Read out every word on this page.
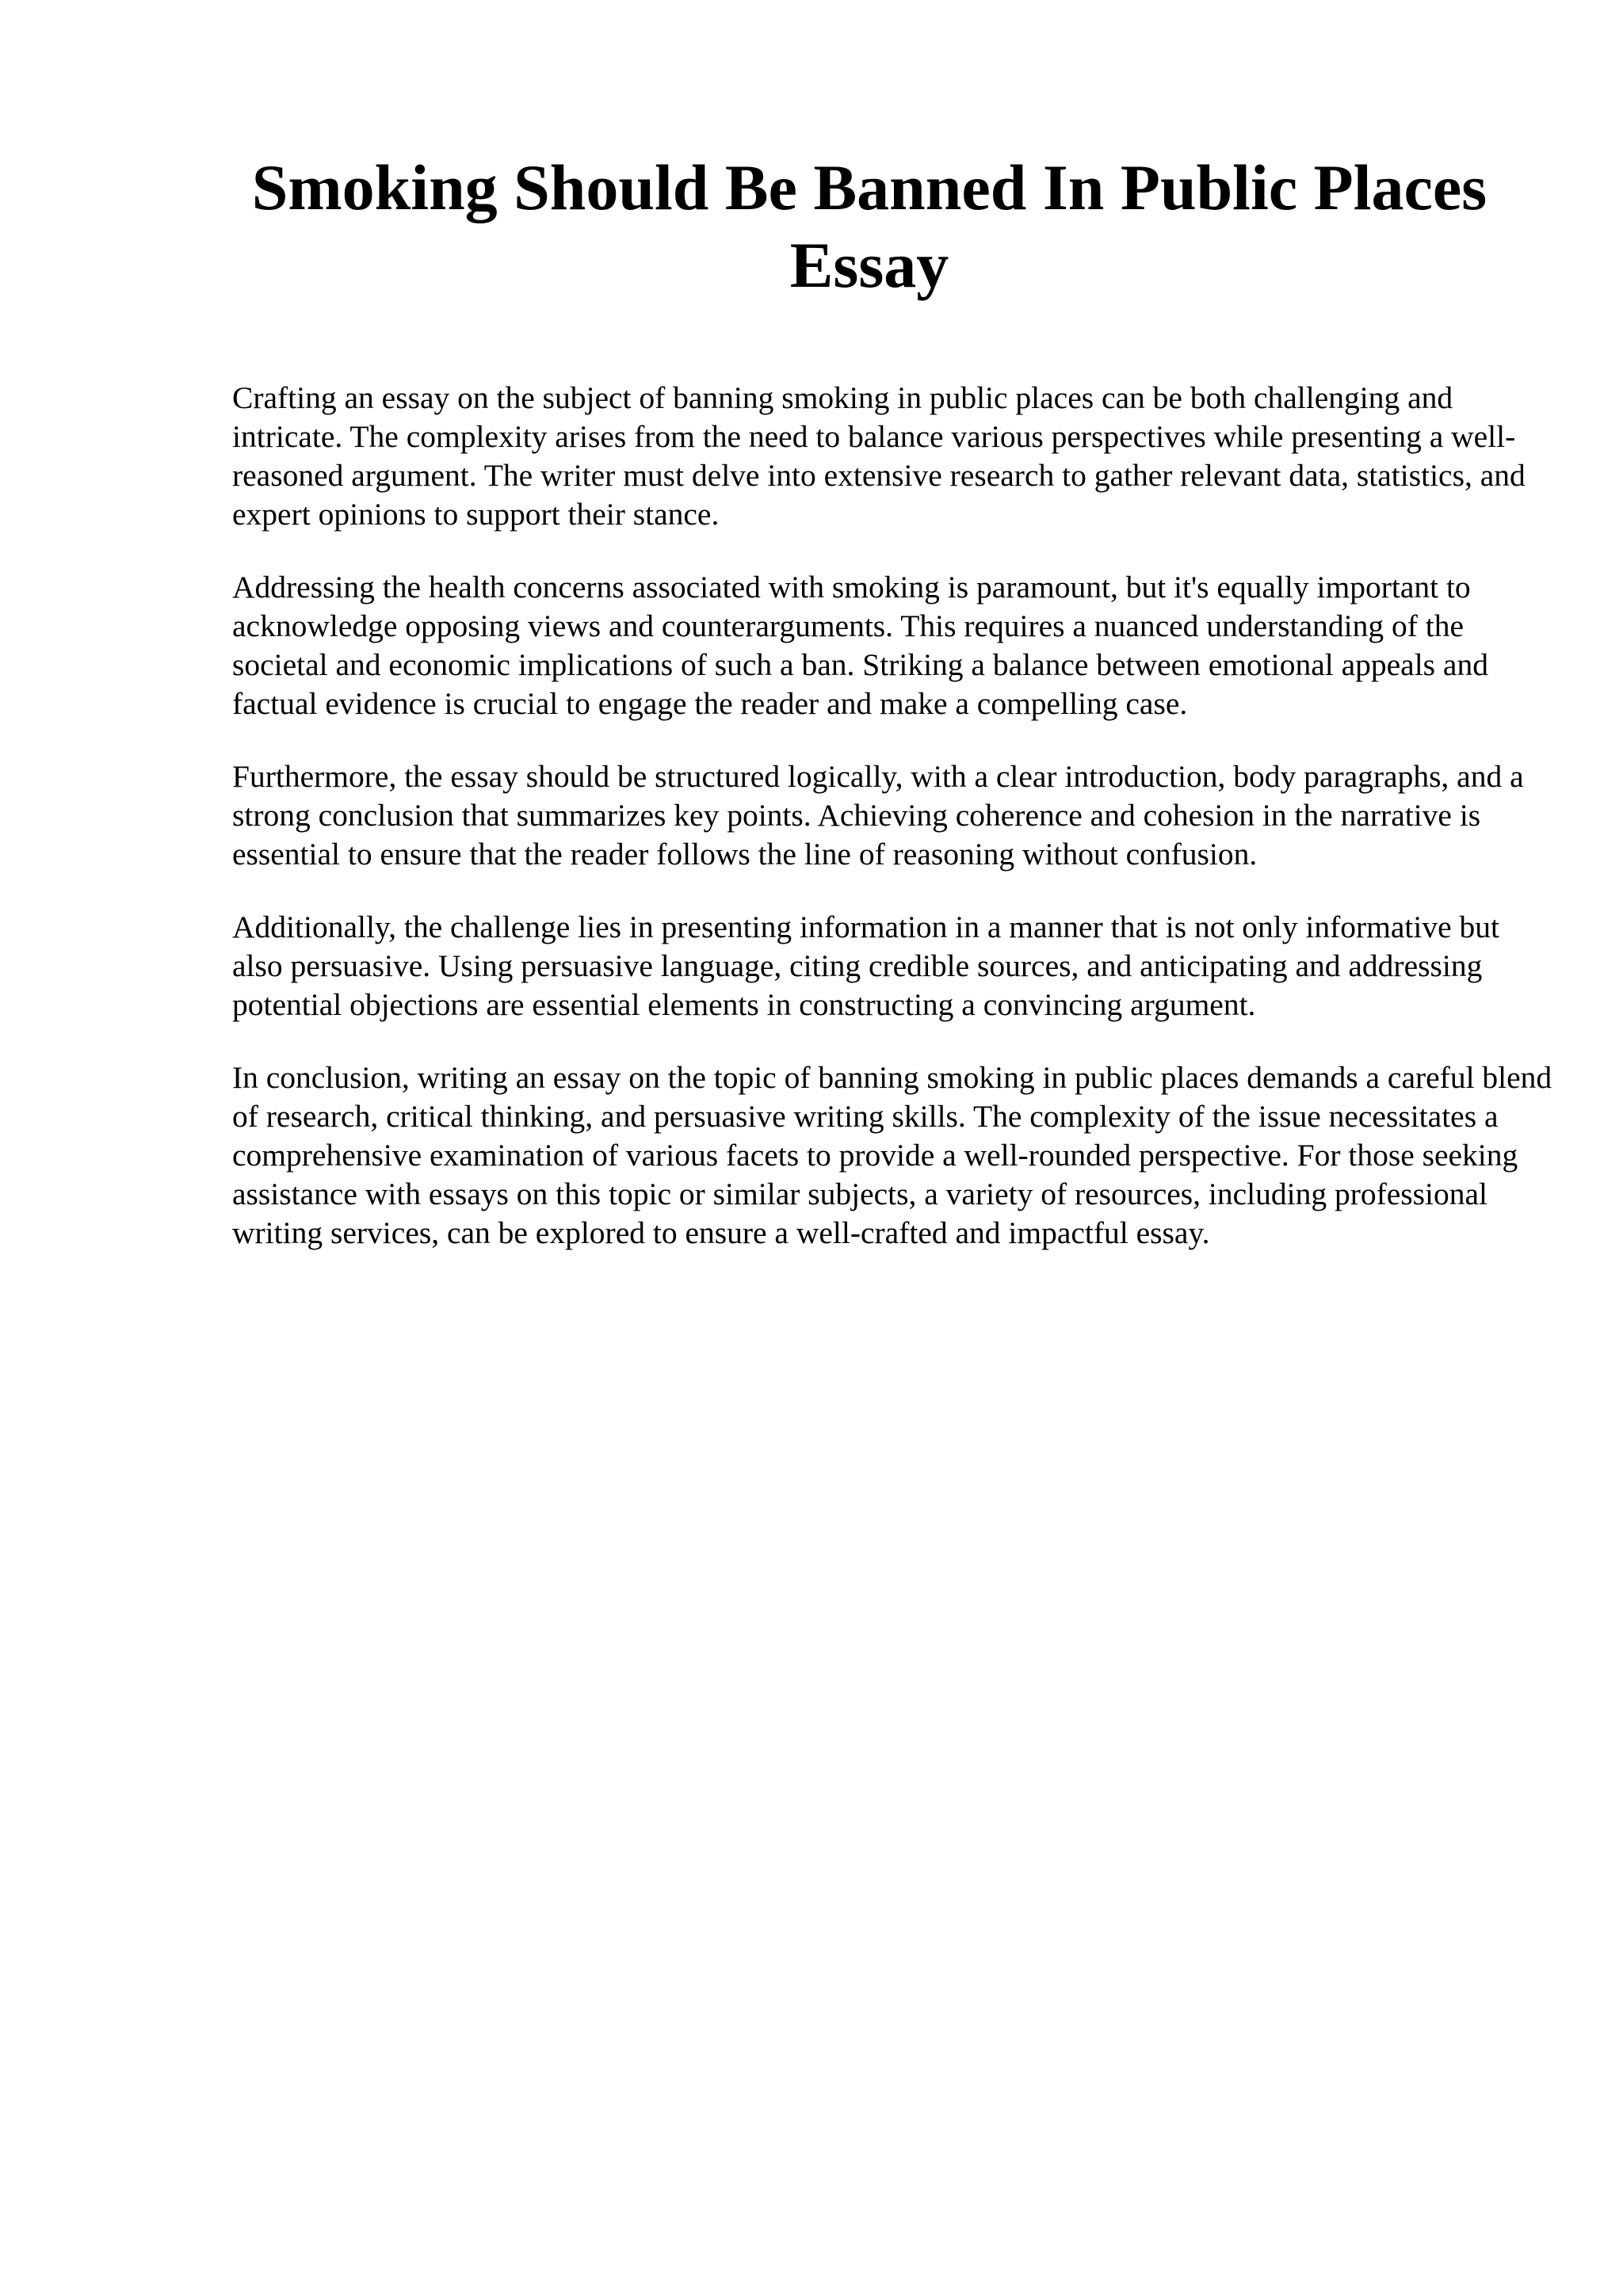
Smoking Should Be Banned In Public Places Essay

Crafting an essay on the subject of banning smoking in public places can be both challenging and intricate. The complexity arises from the need to balance various perspectives while presenting a well-reasoned argument. The writer must delve into extensive research to gather relevant data, statistics, and expert opinions to support their stance.

Addressing the health concerns associated with smoking is paramount, but it's equally important to acknowledge opposing views and counterarguments. This requires a nuanced understanding of the societal and economic implications of such a ban. Striking a balance between emotional appeals and factual evidence is crucial to engage the reader and make a compelling case.

Furthermore, the essay should be structured logically, with a clear introduction, body paragraphs, and a strong conclusion that summarizes key points. Achieving coherence and cohesion in the narrative is essential to ensure that the reader follows the line of reasoning without confusion.

Additionally, the challenge lies in presenting information in a manner that is not only informative but also persuasive. Using persuasive language, citing credible sources, and anticipating and addressing potential objections are essential elements in constructing a convincing argument.

In conclusion, writing an essay on the topic of banning smoking in public places demands a careful blend of research, critical thinking, and persuasive writing skills. The complexity of the issue necessitates a comprehensive examination of various facets to provide a well-rounded perspective. For those seeking assistance with essays on this topic or similar subjects, a variety of resources, including professional writing services, can be explored to ensure a well-crafted and impactful essay.
